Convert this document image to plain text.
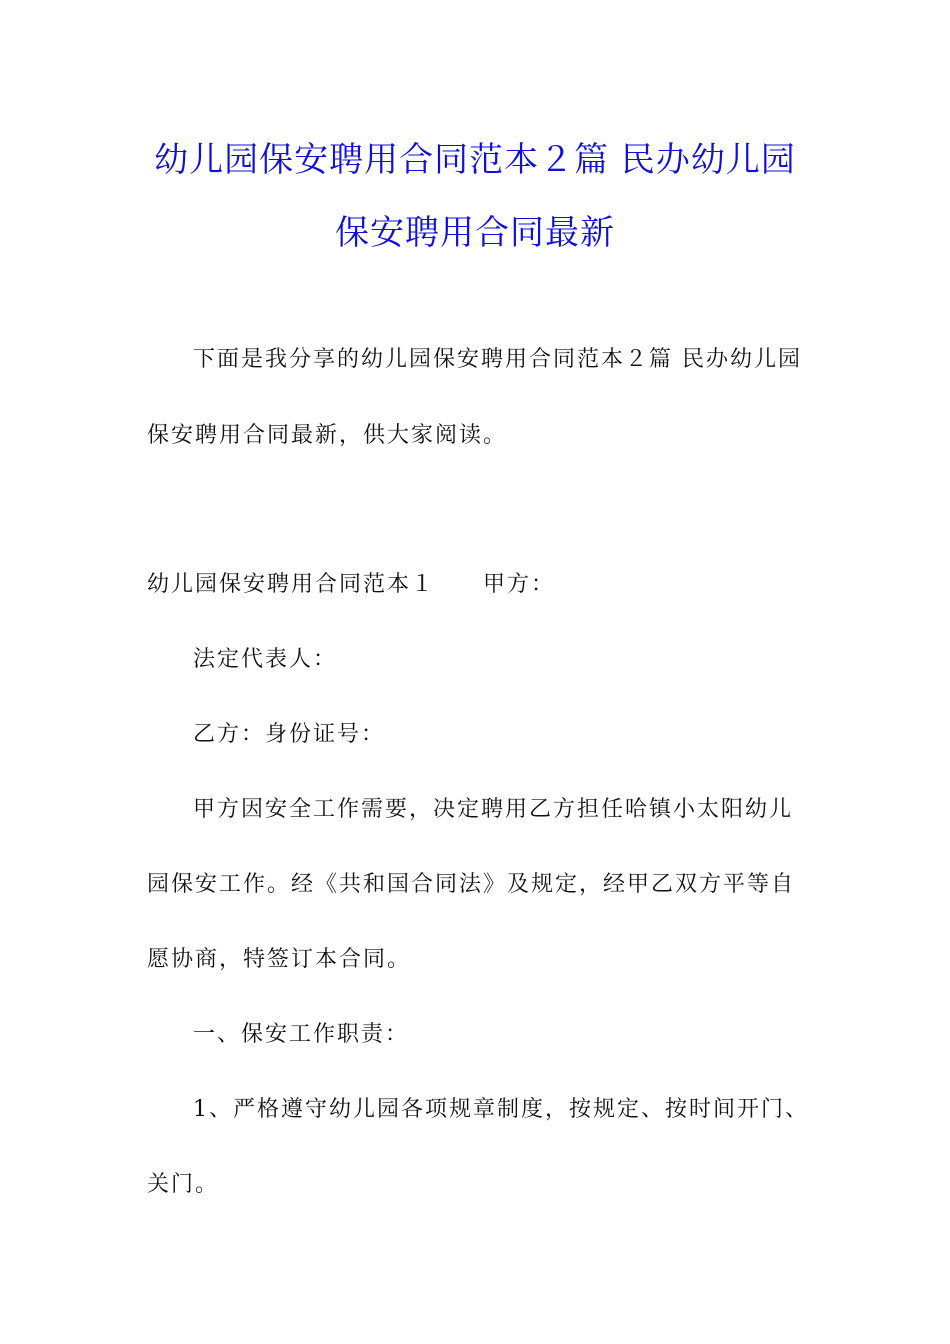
幼儿园保安聘用合同范本２篇 民办幼儿园
保安聘用合同最新
下面是我分享的幼儿园保安聘用合同范本２篇 民办幼儿园
保安聘用合同最新，供大家阅读。
幼儿园保安聘用合同范本１　　甲方：
法定代表人：
乙方：身份证号：
甲方因安全工作需要，决定聘用乙方担任哈镇小太阳幼儿
园保安工作。经《共和国合同法》及规定，经甲乙双方平等自
愿协商，特签订本合同。
一、保安工作职责：
1、严格遵守幼儿园各项规章制度，按规定、按时间开门、
关门。
